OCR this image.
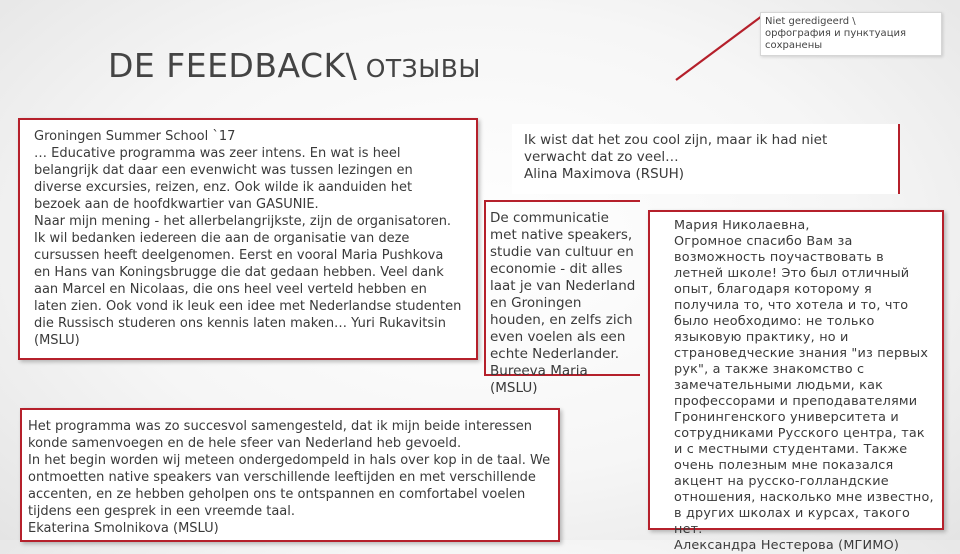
DE FEEDBACK\ ОТЗЫВЫ
Niet geredigeerd \
орфография и пунктуация
сохранены
Groningen Summer School `17
… Educative programma was zeer intens. En wat is heel belangrijk dat daar een evenwicht was tussen lezingen en diverse excursies, reizen, enz. Ook wilde ik aanduiden het bezoek aan de hoofdkwartier van GASUNIE.
Naar mijn mening - het allerbelangrijkste, zijn de organisatoren. Ik wil bedanken iedereen die aan de organisatie van deze cursussen heeft deelgenomen. Eerst en vooral Maria Pushkova en Hans van Koningsbrugge die dat gedaan hebben. Veel dank aan Marcel en Nicolaas, die ons heel veel verteld hebben en laten zien. Ook vond ik leuk een idee met Nederlandse studenten die Russisch studeren ons kennis laten maken… Yuri Rukavitsin (MSLU)
Ik wist dat het zou cool zijn, maar ik had niet verwacht dat zo veel…
Alina Maximova (RSUH)
De communicatie met native speakers, studie van cultuur en economie - dit alles laat je van Nederland en Groningen houden, en zelfs zich even voelen als een echte Nederlander. Bureeva Maria (MSLU)
Het programma was zo succesvol samengesteld, dat ik mijn beide interessen konde samenvoegen en de hele sfeer van Nederland heb gevoeld.
In het begin worden wij meteen ondergedompeld in hals over kop in de taal. We ontmoetten native speakers van verschillende leeftijden en met verschillende accenten, en ze hebben geholpen ons te ontspannen en comfortabel voelen tijdens een gesprek in een vreemde taal.
Ekaterina Smolnikova (MSLU)
Мария Николаевна,
Огромное спасибо Вам за возможность поучаствовать в летней школе! Это был отличный опыт, благодаря которому я получила то, что хотела и то, что было необходимо: не только языковую практику, но и страноведческие знания "из первых рук", а также знакомство с замечательными людьми, как профессорами и преподавателями Гронингенского университета и сотрудниками Русского центра, так и с местными студентами. Также очень полезным мне показался акцент на русско-голландские отношения, насколько мне известно, в других школах и курсах, такого нет.
Александра Нестерова (МГИМО)
